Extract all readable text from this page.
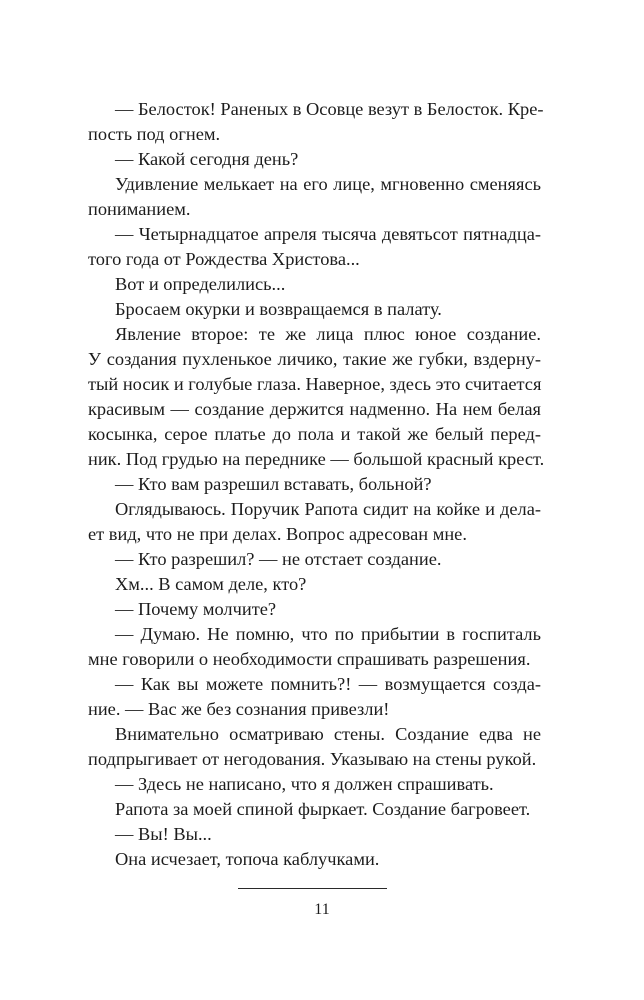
— Белосток! Раненых в Осовце везут в Белосток. Кре-
пость под огнем.
— Какой сегодня день?
Удивление мелькает на его лице, мгновенно сменяясь
пониманием.
— Четырнадцатое апреля тысяча девятьсот пятнадца-
того года от Рождества Христова...
Вот и определились...
Бросаем окурки и возвращаемся в палату.
Явление второе: те же лица плюс юное создание.
У создания пухленькое личико, такие же губки, вздерну-
тый носик и голубые глаза. Наверное, здесь это считается
красивым — создание держится надменно. На нем белая
косынка, серое платье до пола и такой же белый перед-
ник. Под грудью на переднике — большой красный крест.
— Кто вам разрешил вставать, больной?
Оглядываюсь. Поручик Рапота сидит на койке и дела-
ет вид, что не при делах. Вопрос адресован мне.
— Кто разрешил? — не отстает создание.
Хм... В самом деле, кто?
— Почему молчите?
— Думаю. Не помню, что по прибытии в госпиталь
мне говорили о необходимости спрашивать разрешения.
— Как вы можете помнить?! — возмущается созда-
ние. — Вас же без сознания привезли!
Внимательно осматриваю стены. Создание едва не
подпрыгивает от негодования. Указываю на стены рукой.
— Здесь не написано, что я должен спрашивать.
Рапота за моей спиной фыркает. Создание багровеет.
— Вы! Вы...
Она исчезает, топоча каблучками.
11
